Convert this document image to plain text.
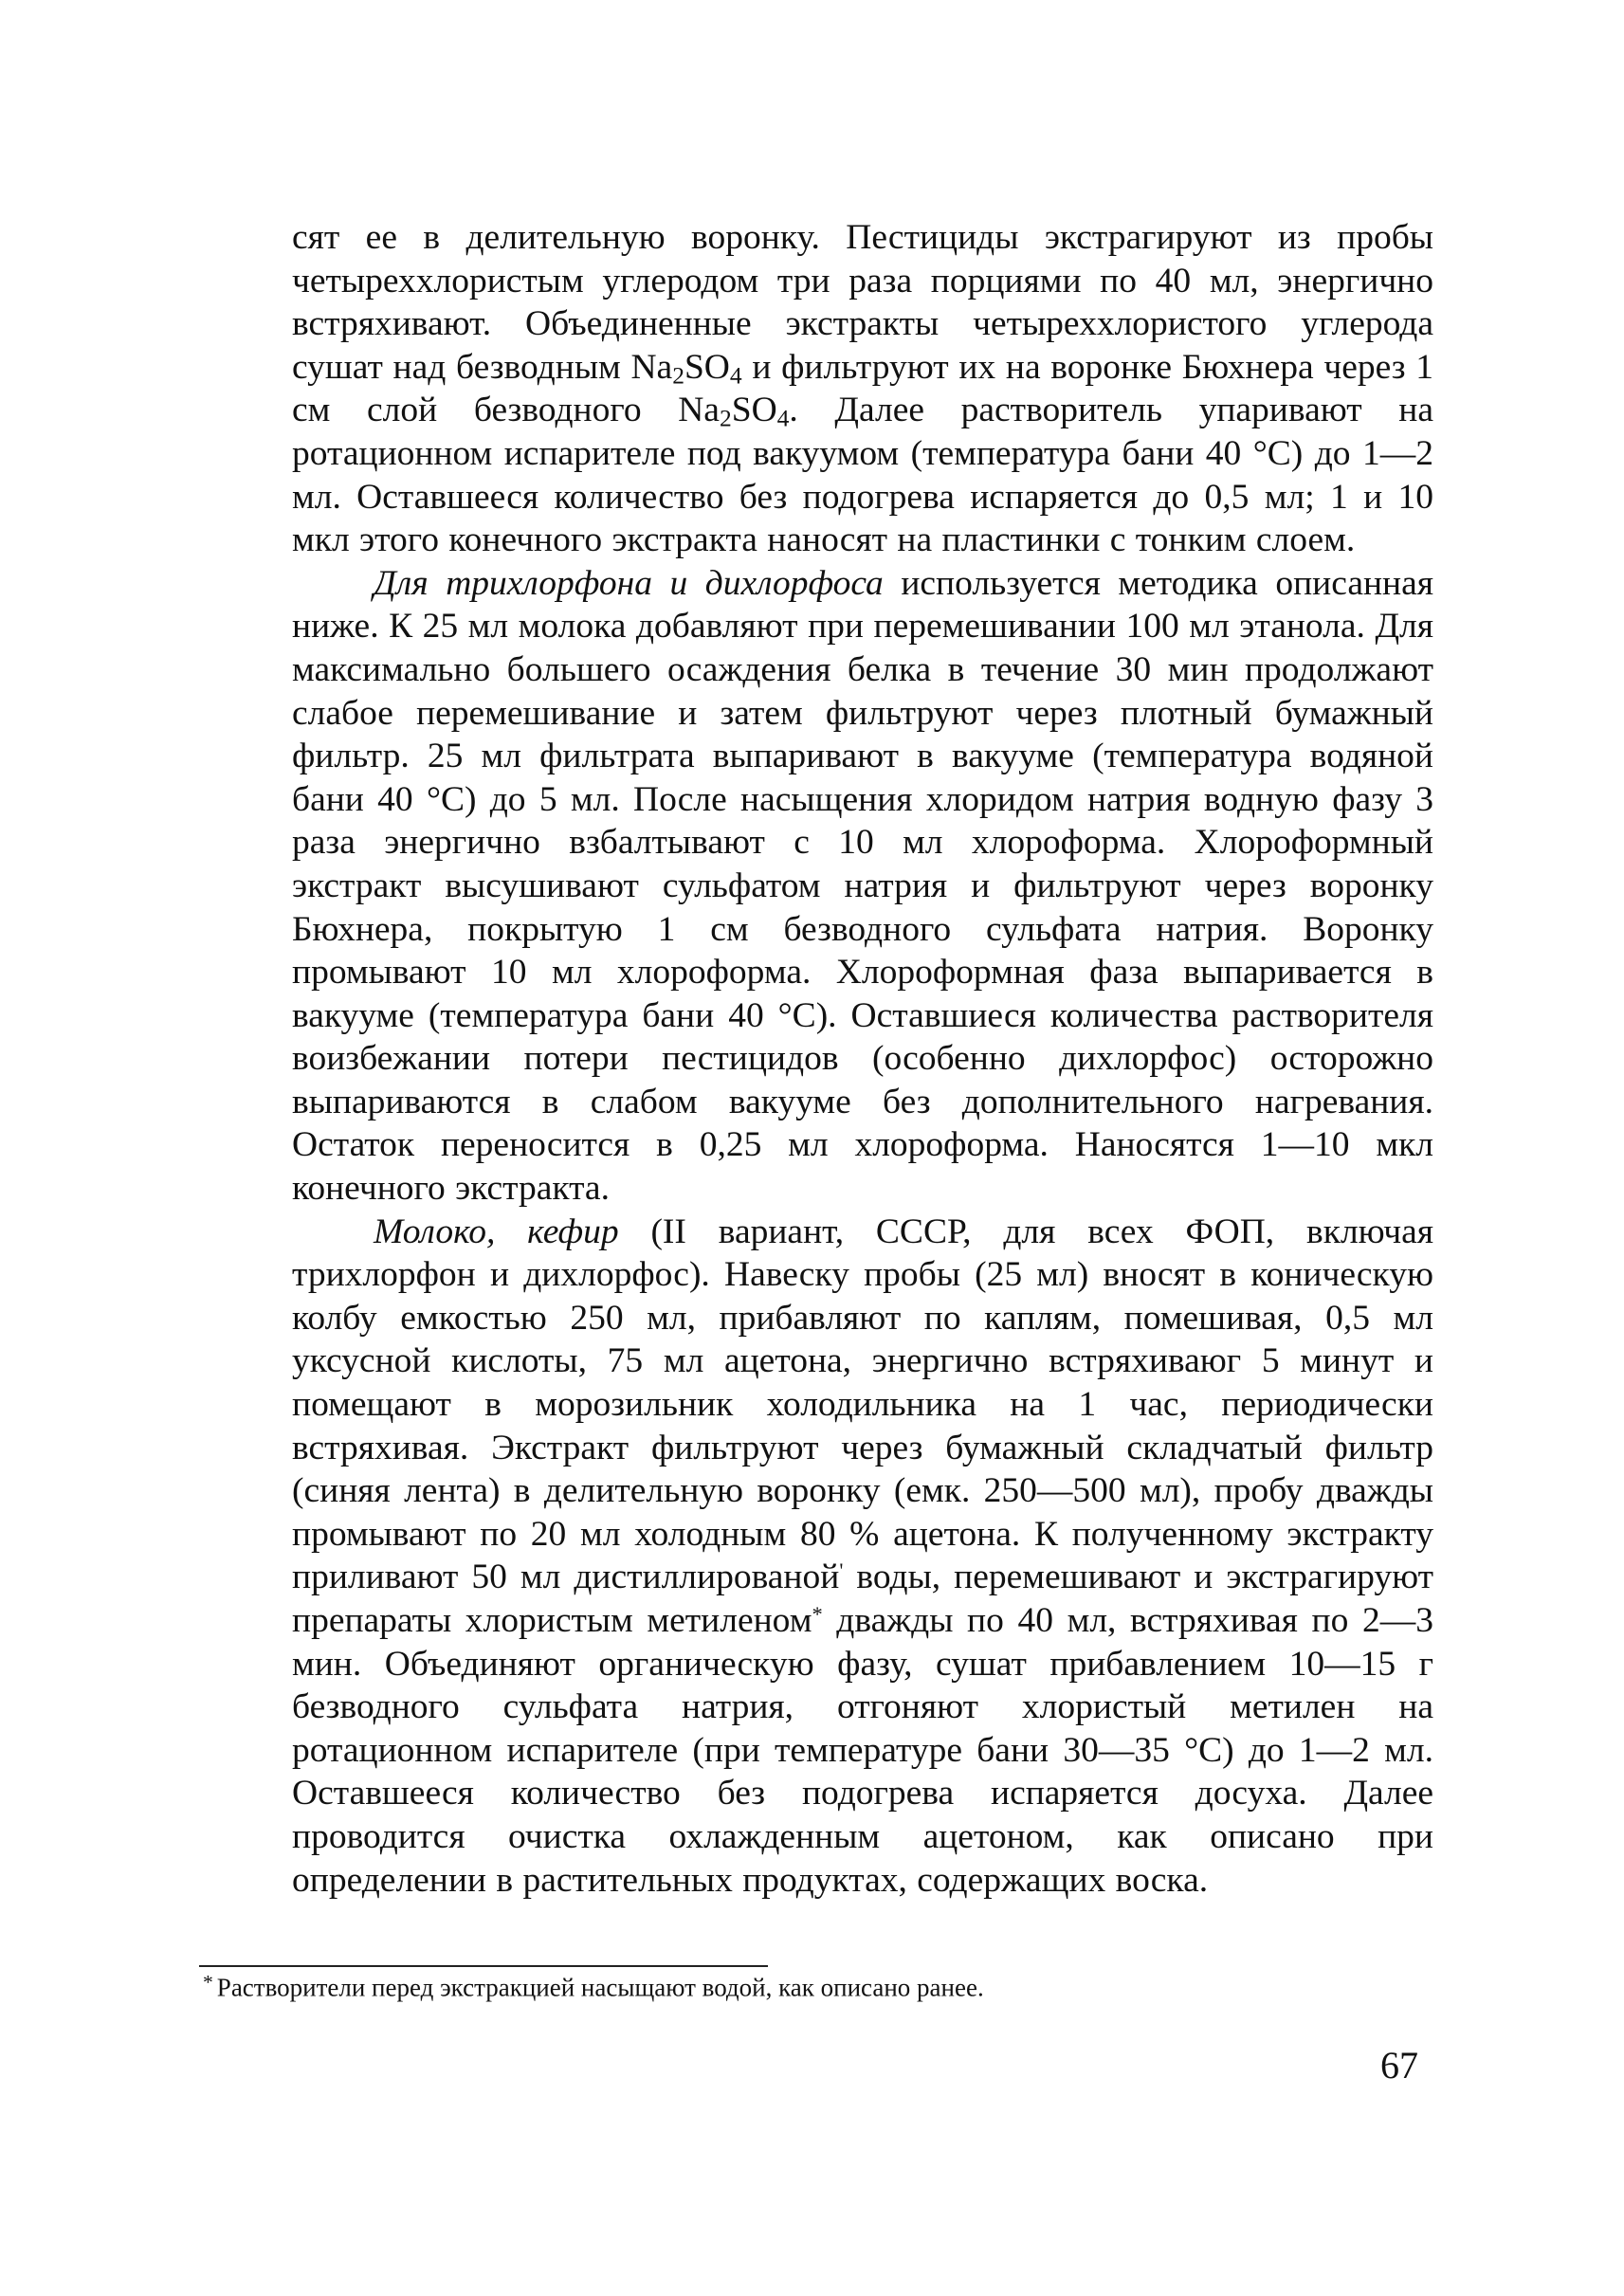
сят ее в делительную воронку. Пестициды экстрагируют из пробы четыреххлористым углеродом три раза порциями по 40 мл, энергично встряхивают. Объединенные экстракты четыреххлористого углерода сушат над безводным $Na_2SO_4$ и фильтруют их на воронке Бюхнера через 1 см слой безводного $Na_2SO_4$. Далее растворитель упаривают на ротационном испарителе под вакуумом (температура бани 40 °C) до 1—2 мл. Оставшееся количество без подогрева испаряется до 0,5 мл; 1 и 10 мкл этого конечного экстракта наносят на пластинки с тонким слоем.

Для трихлорфона и дихлорфоса используется методика описанная ниже. К 25 мл молока добавляют при перемешивании 100 мл этанола. Для максимально большего осаждения белка в течение 30 мин продолжают слабое перемешивание и затем фильтруют через плотный бумажный фильтр. 25 мл фильтрата выпаривают в вакууме (температура водяной бани 40 °C) до 5 мл. После насыщения хлоридом натрия водную фазу 3 раза энергично взбалтывают с 10 мл хлороформа. Хлороформный экстракт высушивают сульфатом натрия и фильтруют через воронку Бюхнера, покрытую 1 см безводного сульфата натрия. Воронку промывают 10 мл хлороформа. Хлороформная фаза выпаривается в вакууме (температура бани 40 °C). Оставшиеся количества растворителя воизбежании потери пестицидов (особенно дихлорфос) осторожно выпариваются в слабом вакууме без дополнительного нагревания. Остаток переносится в 0,25 мл хлороформа. Наносятся 1—10 мкл конечного экстракта.

Молоко, кефир (II вариант, СССР, для всех ФОП, включая трихлорфон и дихлорфос). Навеску пробы (25 мл) вносят в коническую колбу емкостью 250 мл, прибавляют по каплям, помешивая, 0,5 мл уксусной кислоты, 75 мл ацетона, энергично встряхиваюг 5 минут и помещают в морозильник холодильника на 1 час, периодически встряхивая. Экстракт фильтруют через бумажный складчатый фильтр (синяя лента) в делительную воронку (емк. 250—500 мл), пробу дважды промывают по 20 мл холодным 80 % ацетона. К полученному экстракту приливают 50 мл дистиллированой' воды, перемешивают и экстрагируют препараты хлористым метиленом* дважды по 40 мл, встряхивая по 2—3 мин. Объединяют органическую фазу, сушат прибавлением 10—15 г безводного сульфата натрия, отгоняют хлористый метилен на ротационном испарителе (при температуре бани 30—35 °C) до 1—2 мл. Оставшееся количество без подогрева испаряется досуха. Далее проводится очистка охлажденным ацетоном, как описано при определении в растительных продуктах, содержащих воска.

* Растворители перед экстракцией насыщают водой, как описано ранее.
67
